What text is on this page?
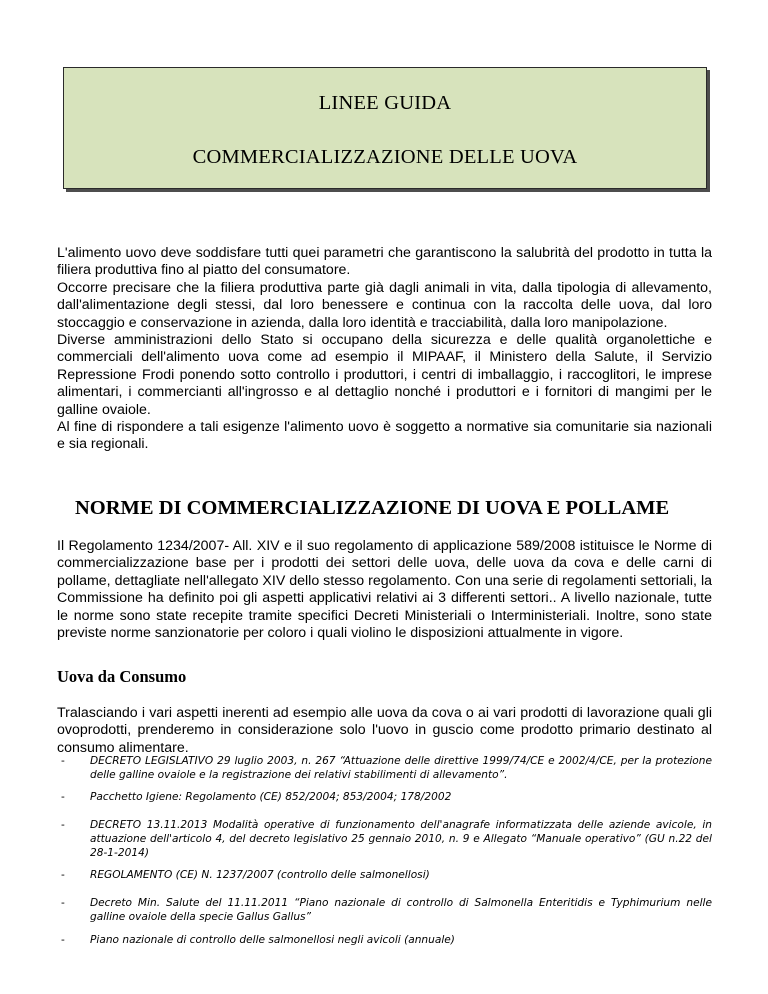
LINEE GUIDA
COMMERCIALIZZAZIONE DELLE UOVA

L'alimento uovo deve soddisfare tutti quei parametri che garantiscono la salubrità del prodotto in tutta la filiera produttiva fino al piatto del consumatore.

Occorre precisare che la filiera produttiva parte già dagli animali in vita, dalla tipologia di allevamento, dall'alimentazione degli stessi, dal loro benessere e continua con la raccolta delle uova, dal loro stoccaggio e conservazione in azienda, dalla loro identità e tracciabilità, dalla loro manipolazione.

Diverse amministrazioni dello Stato si occupano della sicurezza e delle qualità organolettiche e commerciali dell'alimento uova come ad esempio il MIPAAF, il Ministero della Salute, il Servizio Repressione Frodi ponendo sotto controllo i produttori, i centri di imballaggio, i raccoglitori, le imprese alimentari, i commercianti all'ingrosso e al dettaglio nonché i produttori e i fornitori di mangimi per le galline ovaiole.

Al fine di rispondere a tali esigenze l'alimento uovo è soggetto a normative sia comunitarie sia nazionali e sia regionali.

NORME DI COMMERCIALIZZAZIONE DI UOVA E POLLAME

Il Regolamento 1234/2007- All. XIV e il suo regolamento di applicazione 589/2008 istituisce le Norme di commercializzazione base per i prodotti dei settori delle uova, delle uova da cova e delle carni di pollame, dettagliate nell'allegato XIV dello stesso regolamento. Con una serie di regolamenti settoriali, la Commissione ha definito poi gli aspetti applicativi relativi ai 3 differenti settori.. A livello nazionale, tutte le norme sono state recepite tramite specifici Decreti Ministeriali o Interministeriali. Inoltre, sono state previste norme sanzionatorie per coloro i quali violino le disposizioni attualmente in vigore.

Uova da Consumo

Tralasciando i vari aspetti inerenti ad esempio alle uova da cova o ai vari prodotti di lavorazione quali gli ovoprodotti, prenderemo in considerazione solo l'uovo in guscio come prodotto primario destinato al consumo alimentare.

- DECRETO LEGISLATIVO 29 luglio 2003, n. 267 “Attuazione delle direttive 1999/74/CE e 2002/4/CE, per la protezione delle galline ovaiole e la registrazione dei relativi stabilimenti di allevamento”.
- Pacchetto Igiene: Regolamento (CE) 852/2004; 853/2004; 178/2002
- DECRETO 13.11.2013 Modalità operative di funzionamento dell'anagrafe informatizzata delle aziende avicole, in attuazione dell'articolo 4, del decreto legislativo 25 gennaio 2010, n. 9 e Allegato “Manuale operativo” (GU n.22 del 28-1-2014)
- REGOLAMENTO (CE) N. 1237/2007 (controllo delle salmonellosi)
- Decreto Min. Salute del 11.11.2011 “Piano nazionale di controllo di Salmonella Enteritidis e Typhimurium nelle galline ovaiole della specie Gallus Gallus”
- Piano nazionale di controllo delle salmonellosi negli avicoli (annuale)
